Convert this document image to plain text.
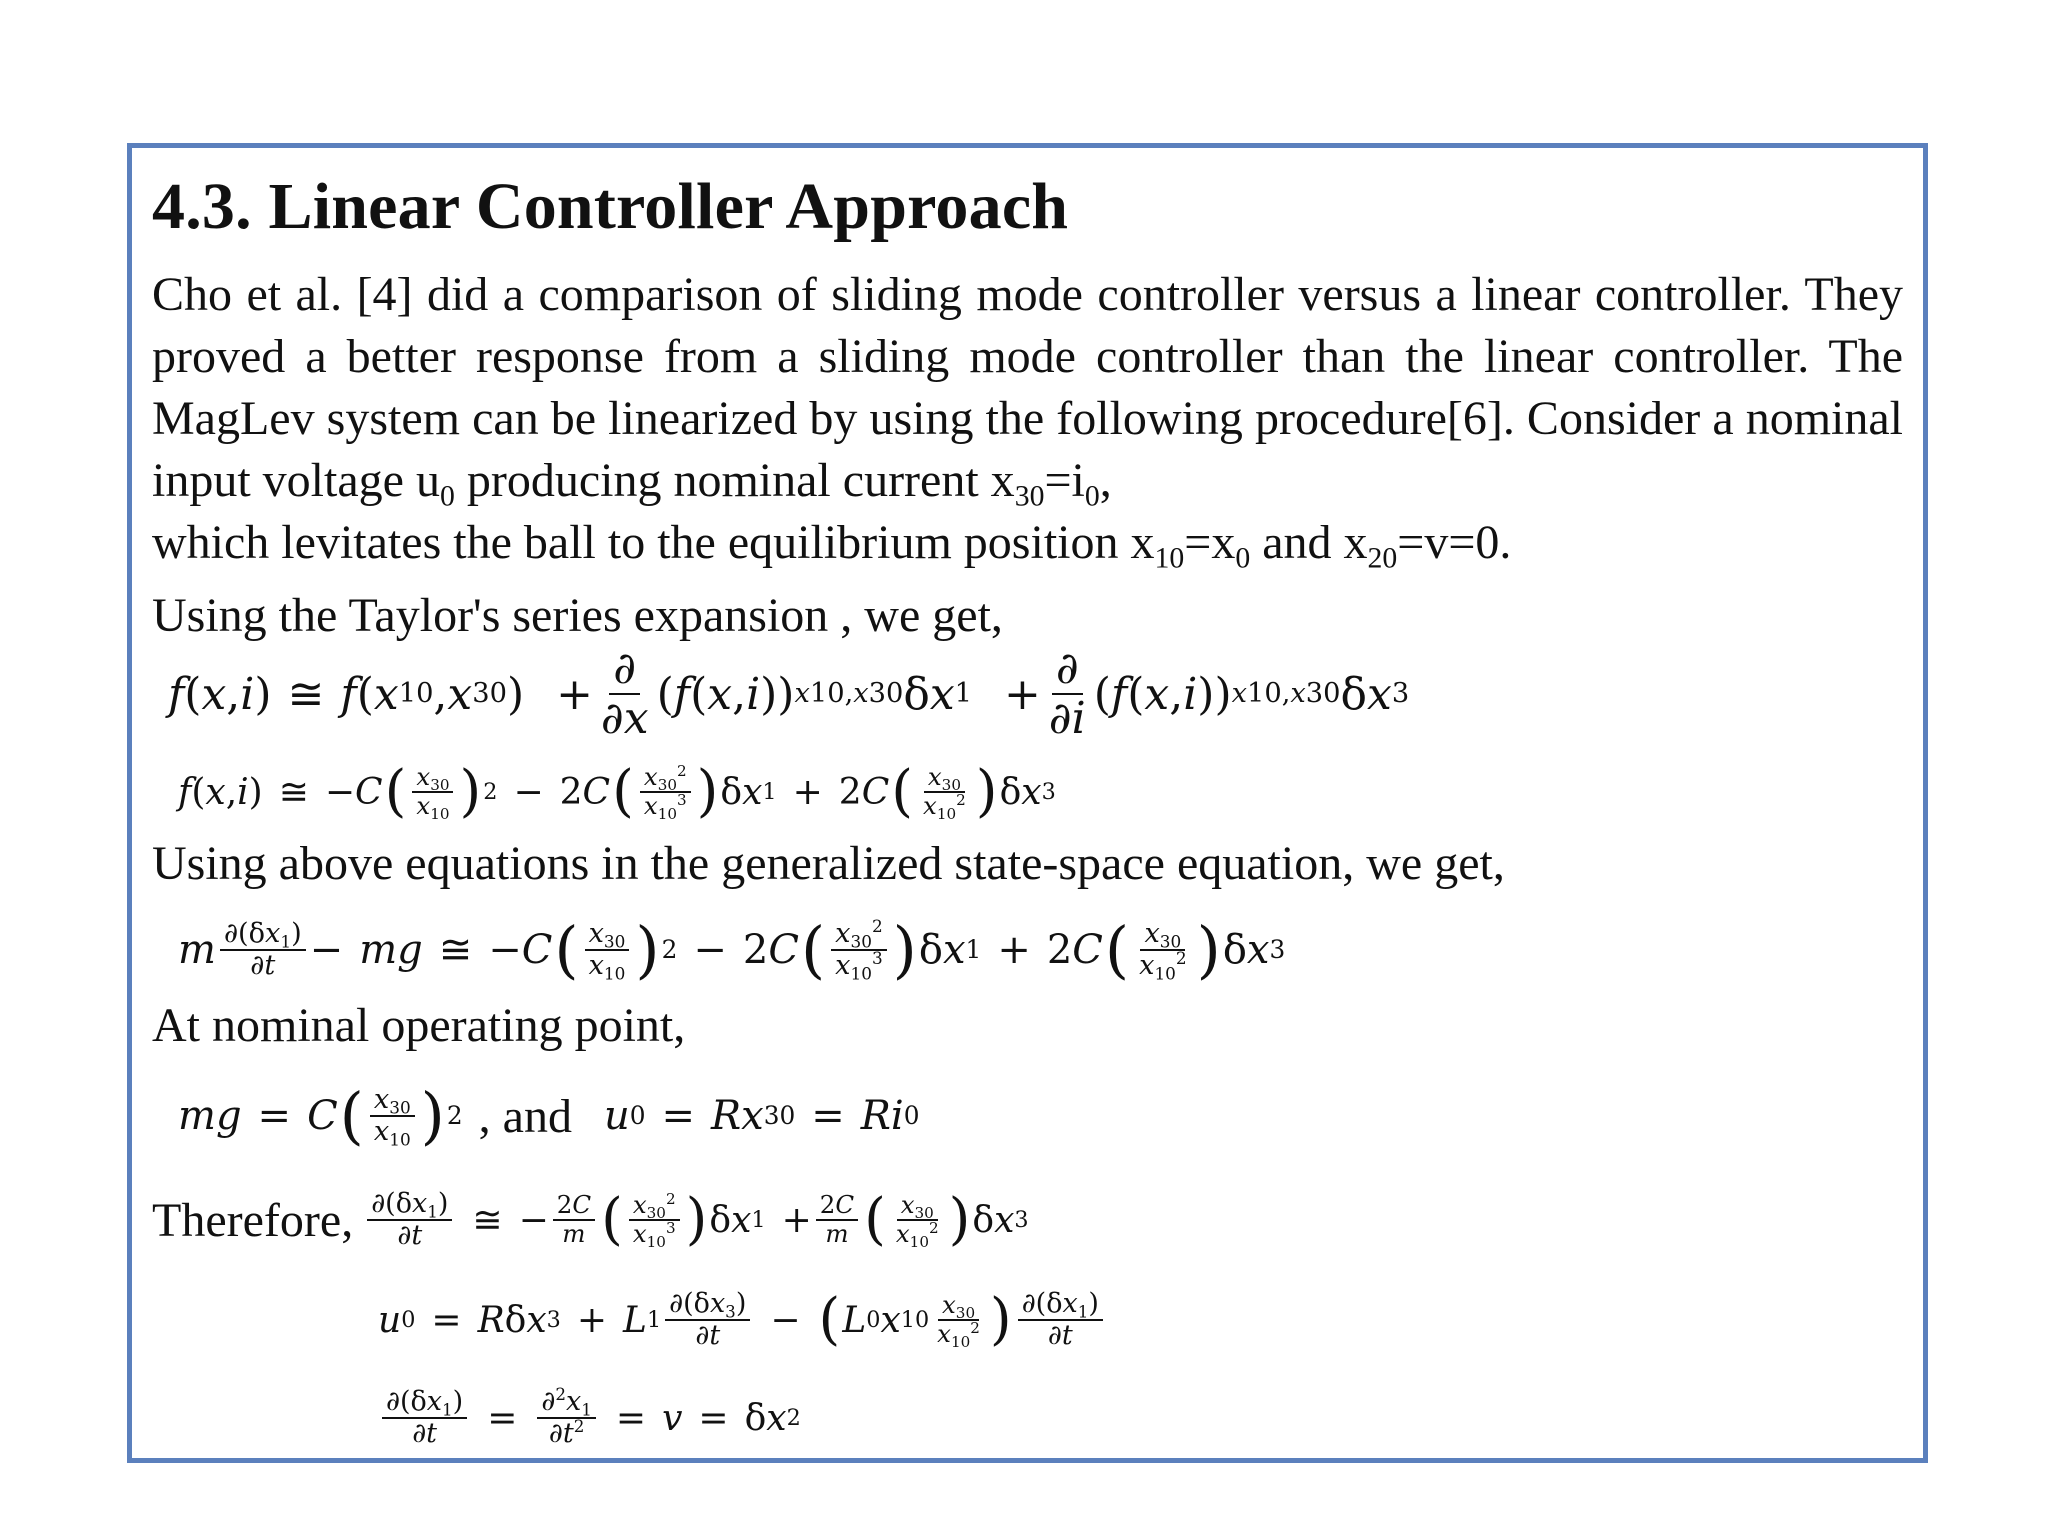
4.3. Linear Controller Approach

Cho et al. [4] did a comparison of sliding mode controller versus a linear controller. They proved a better response from a sliding mode controller than the linear controller. The MagLev system can be linearized by using the following procedure[6]. Consider a nominal input voltage $u_0$ producing nominal current $x_{30}=i_0$,
which levitates the ball to the equilibrium position $x_{10}=x_0$ and $x_{20}=v=0$.

Using the Taylor's series expansion , we get,
f ( x , i ) ≅ f ( x 10 , x 30 ) + $\frac{\partial}{\partial x}$ ( f ( x , i )) x10,x30 δ x $1 + \frac{\partial}{\partial i}$ ( f ( x , i )) x10,x30 δ x 3
f ( x , i ) ≅ − C ( $\frac{x_{30}}{x_{10}}$ ) 2 − 2 C ( $\frac{x_{30}^2}{x_{10}^3}$ ) δ x 1 + 2 C ( $\frac{x_{30}}{x_{10}^2}$ ) δ x 3
Using above equations in the generalized state-space equation, we get,
m $\frac{\partial(\delta x_1)}{\partial t} - m$ g ≅ − C ( $\frac{x_{30}}{x_{10}}$ ) 2 − 2 C ( $\frac{x_{30}^2}{x_{10}^3}$ ) δ x 1 + 2 C ( $\frac{x_{30}}{x_{10}^2}$ ) δ x 3
At nominal operating point,
m g = C ( $\frac{x_{30}}{x_{10}}$ ) 2 , and u 0 = R x 30 = R i 0
Therefore, $\frac{\partial(\delta x_1)}{\partial t}$ ≅ − $\frac{2C}{m}$ ( $\frac{x_{30}^2}{x_{10}^3}$ ) δ x $1 + \frac{2C}{m}$ ( $\frac{x_{30}}{x_{10}^2}$ ) δ x 3
u 0 = R δ x 3 + L $1 \frac{\partial(\delta x_3)}{\partial t}$ − ( L 0 x $10 \frac{x_{30}}{x_{10}^2}$ ) $\frac{\partial(\delta x_1)}{\partial t}$
$\frac{\partial(\delta x_1)}{\partial t} = \frac{\partial^2x_1}{\partial t^2} = v = \delta$ x 2
